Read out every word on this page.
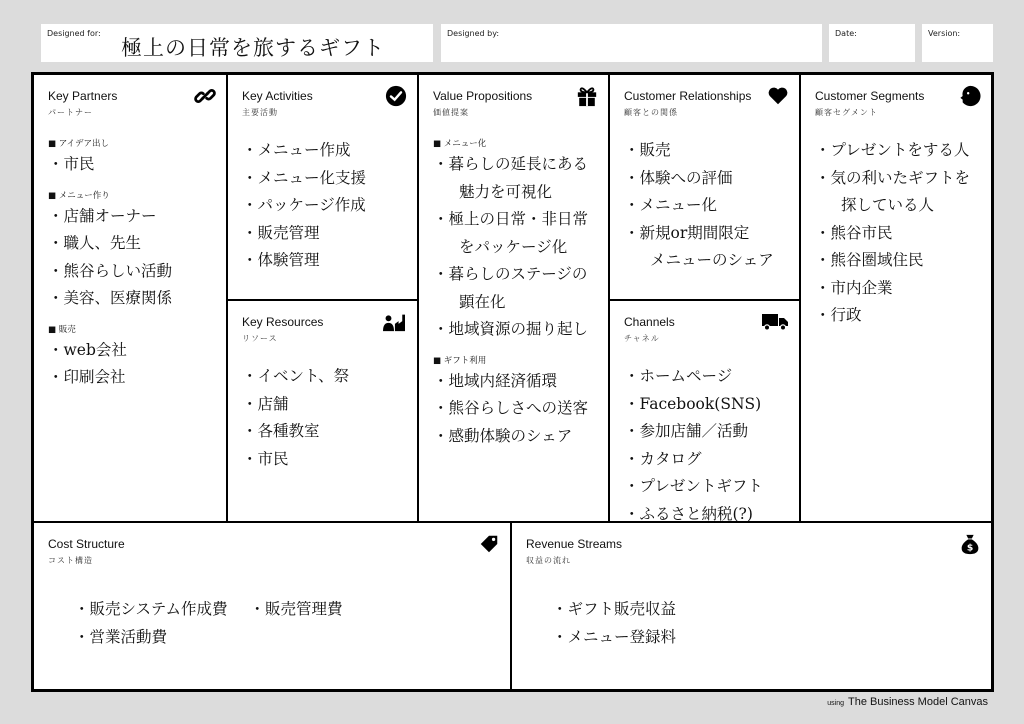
Designed for:
極上の日常を旅するギフト
Designed by:	Date:	Version:
Key Partners
パートナー
■ アイデア出し
・市民
■ メニュー作り
・店舗オーナー
・職人、先生
・熊谷らしい活動
・美容、医療関係
■ 販売
・web会社
・印刷会社
Key Activities
主要活動
・メニュー作成
・メニュー化支援
・パッケージ作成
・販売管理
・体験管理
Key Resources
リソース
・イベント、祭
・店舗
・各種教室
・市民
Value Propositions
価値提案
■ メニュー化
・暮らしの延長にある
魅力を可視化
・極上の日常・非日常
をパッケージ化
・暮らしのステージの
顕在化
・地域資源の掘り起し
■ ギフト利用
・地域内経済循環
・熊谷らしさへの送客
・感動体験のシェア
Customer Relationships
顧客との関係
・販売
・体験への評価
・メニュー化
・新規or期間限定
メニューのシェア
Channels
チャネル
・ホームページ
・Facebook(SNS)
・参加店舗／活動
・カタログ
・プレゼントギフト
・ふるさと納税(?)
Customer Segments
顧客セグメント
・プレゼントをする人
・気の利いたギフトを
探している人
・熊谷市民
・熊谷圏域住民
・市内企業
・行政
Cost Structure
コスト構造
・販売システム作成費 ・販売管理費
・営業活動費
Revenue Streams
収益の流れ
$
・ギフト販売収益
・メニュー登録料
using The Business Model Canvas
